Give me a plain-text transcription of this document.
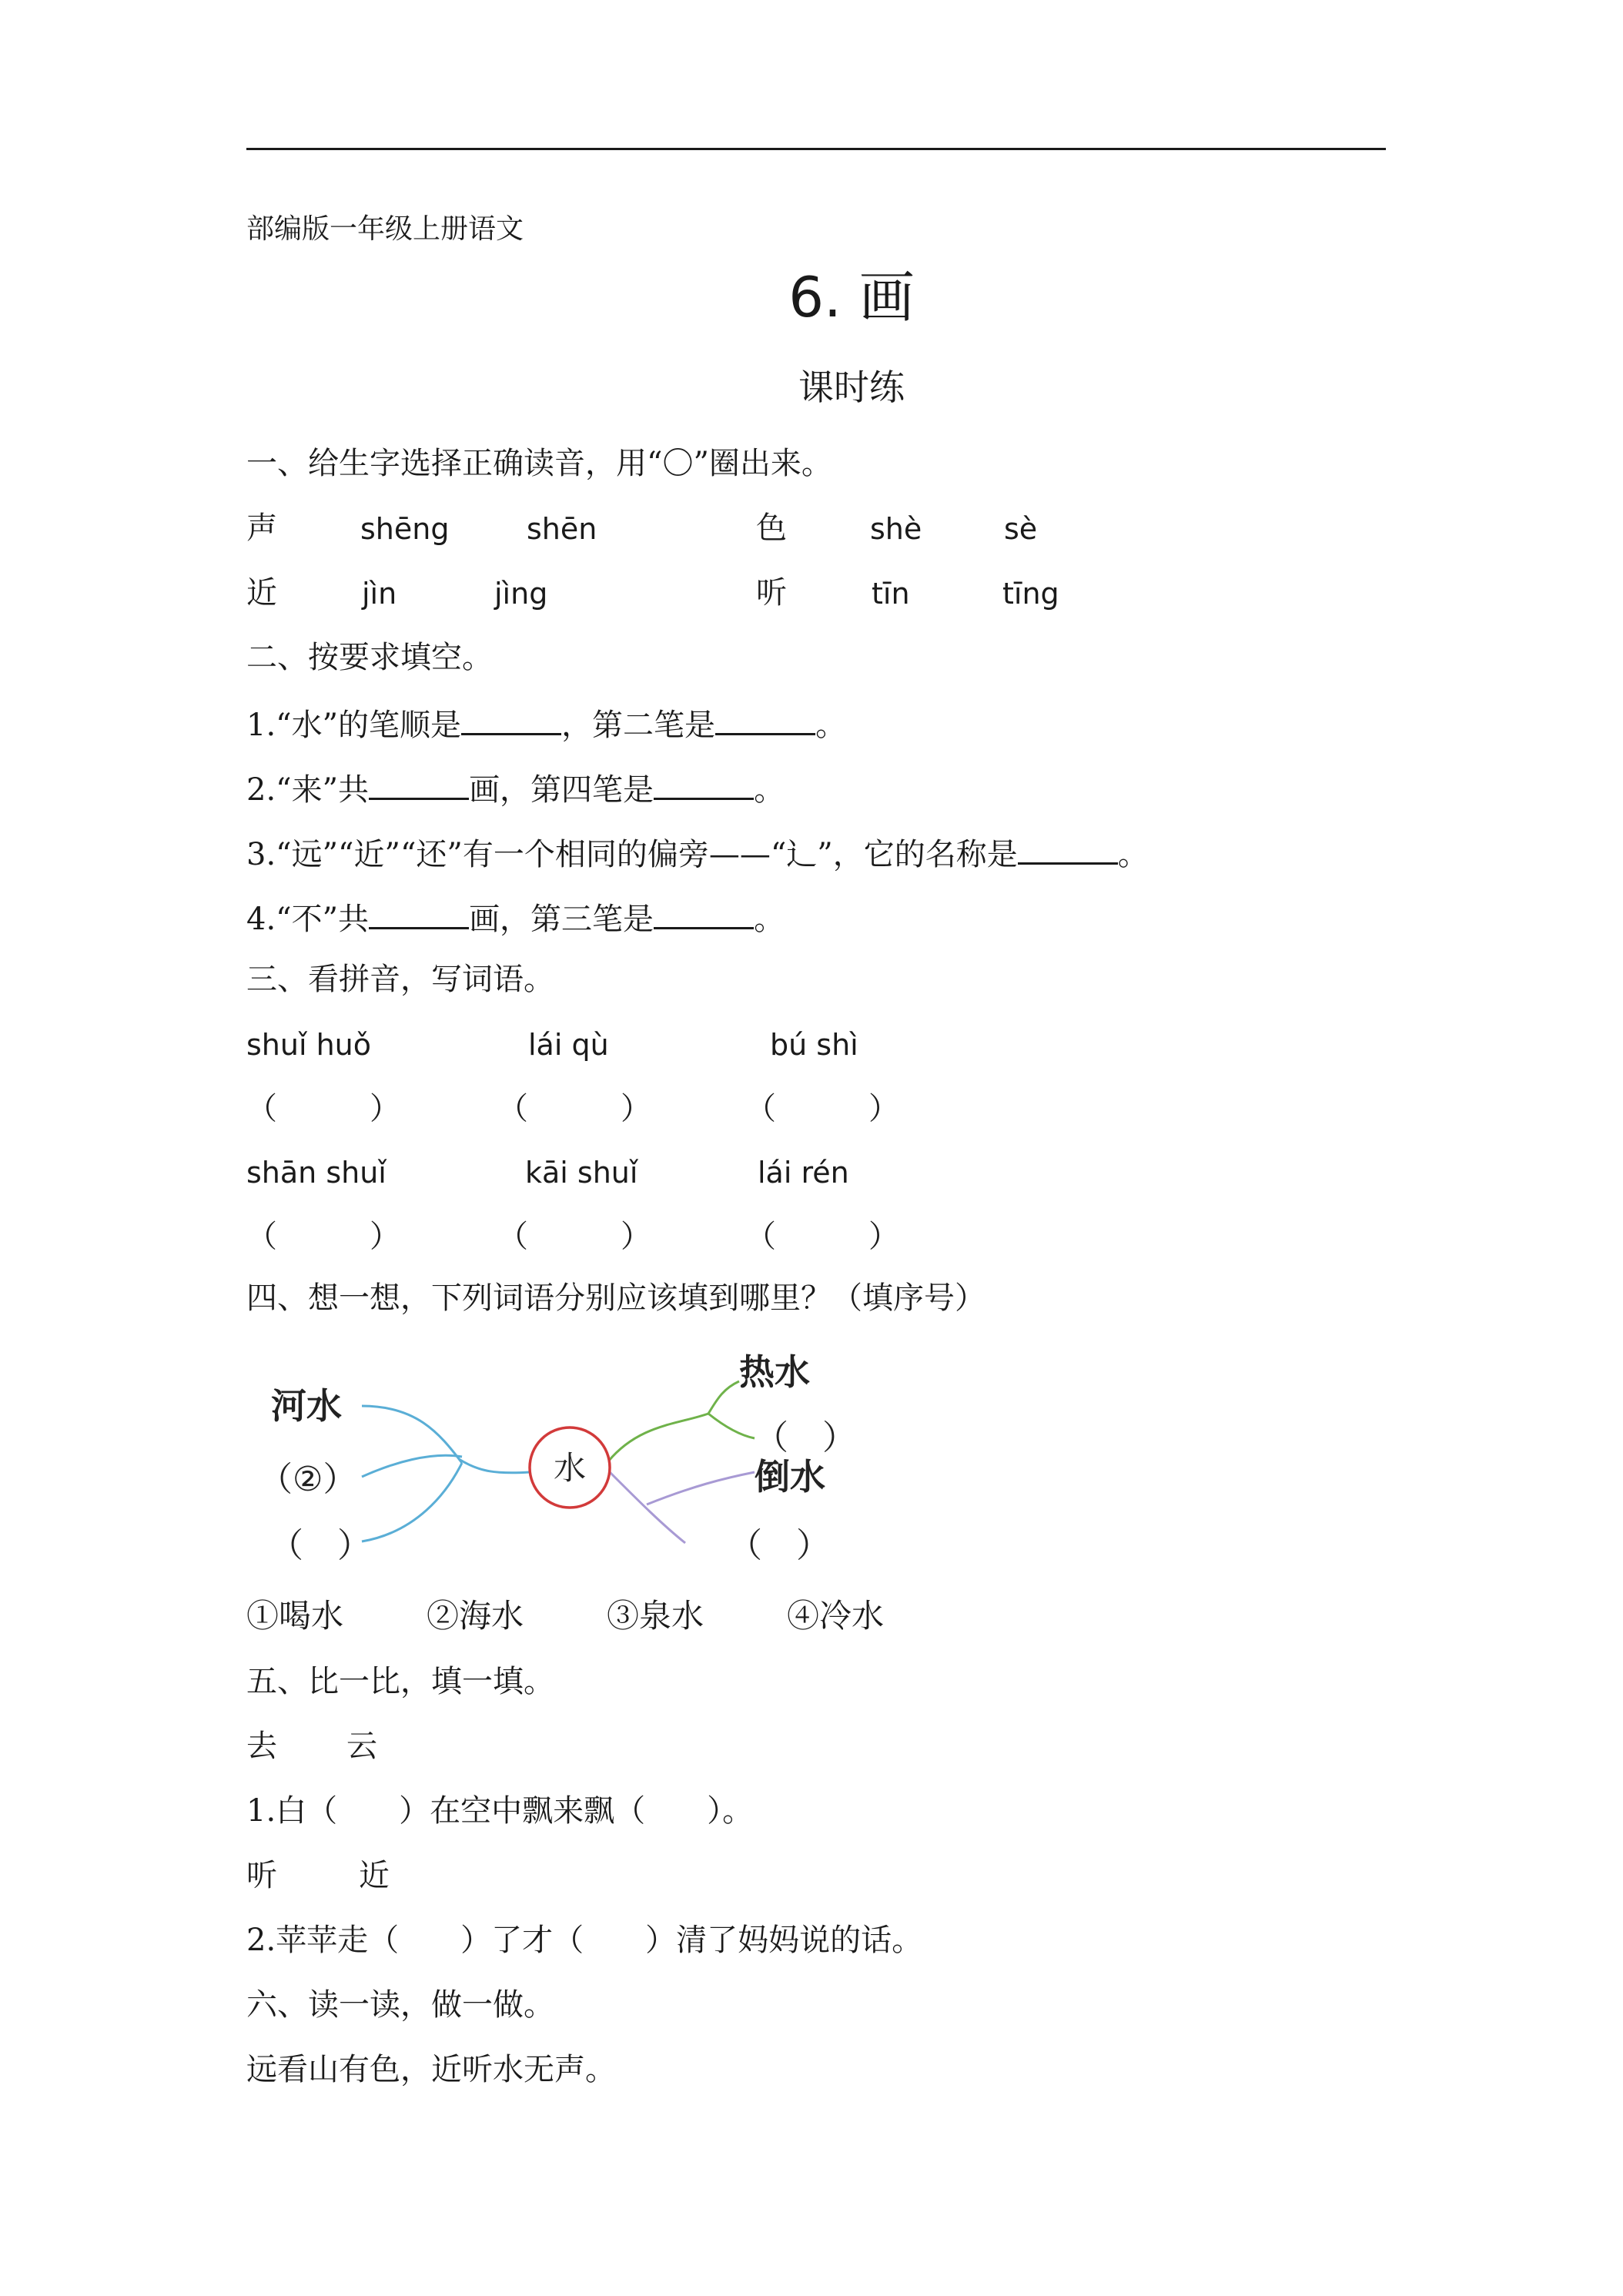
部编版一年级上册语文
6. 画
课时练
一、给生字选择正确读音，用“〇”圈出来。
声	shēng	shēn	色	shè	sè
近	jìn	jìng	听	tīn	tīng
二、按要求填空。
1.“水”的笔顺是	，第二笔是	。
2.“来”共	画，第四笔是	。
3.“远”“近”“还”有一个相同的偏旁——“辶”，它的名称是	。
4.“不”共	画，第三笔是	。
三、看拼音，写词语。
shuǐ huǒ	lái qù	bú shì
（　　　）	（　　　）	（　　　）
shān shuǐ	kāi shuǐ	lái rén
（　　　）	（　　　）	（　　　）
四、想一想，下列词语分别应该填到哪里？（填序号）
水
河水
（②）
（　）
热水
（　）
倒水
（　）
①喝水	②海水	③泉水	④冷水
五、比一比，填一填。
去 云
1.白（　　）在空中飘来飘（　　）。
听	近
2.苹苹走（　　）了才（　　）清了妈妈说的话。
六、读一读，做一做。
远看山有色，近听水无声。
